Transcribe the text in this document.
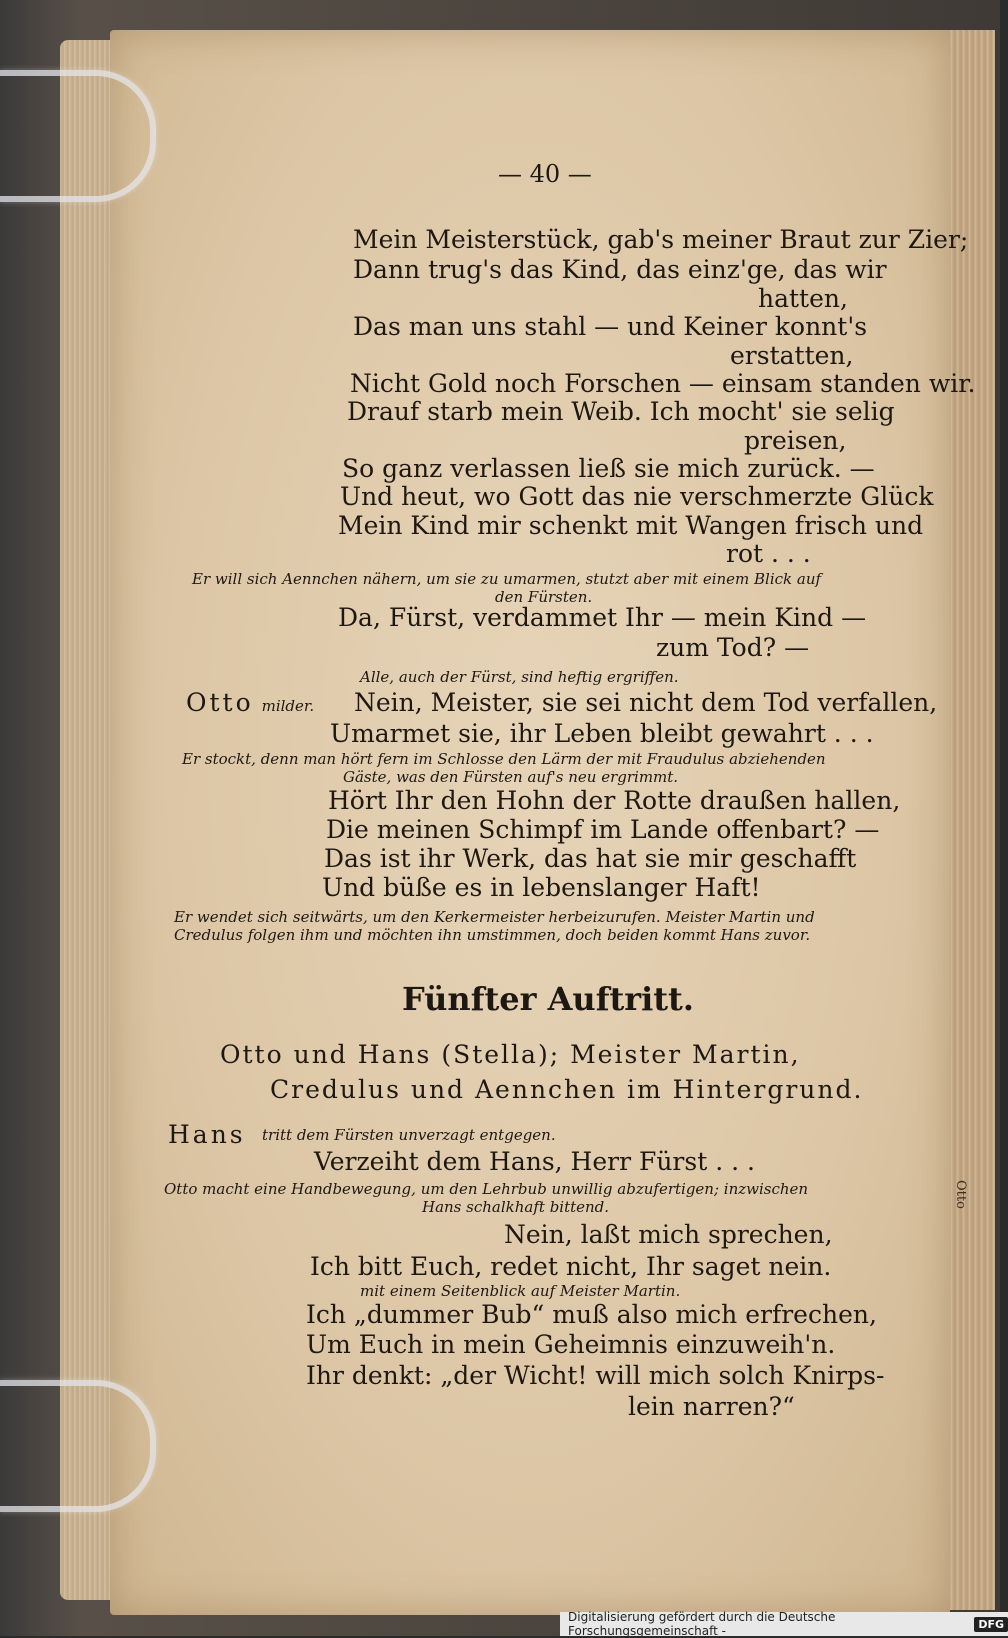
Otto
— 40 —
Mein Meisterstück, gab's meiner Braut zur Zier;
Dann trug's das Kind, das einz'ge, das wir
hatten,
Das man uns stahl — und Keiner konnt's
erstatten,
Nicht Gold noch Forschen — einsam standen wir.
Drauf starb mein Weib. Ich mocht' sie selig
preisen,
So ganz verlassen ließ sie mich zurück. —
Und heut, wo Gott das nie verschmerzte Glück
Mein Kind mir schenkt mit Wangen frisch und
rot . . .
Er will sich Aennchen nähern, um sie zu umarmen, stutzt aber mit einem Blick auf
den Fürsten.
Da, Fürst, verdammet Ihr — mein Kind —
zum Tod? —
Alle, auch der Fürst, sind heftig ergriffen.
Otto milder. Nein, Meister, sie sei nicht dem Tod verfallen,
Umarmet sie, ihr Leben bleibt gewahrt . . .
Er stockt, denn man hört fern im Schlosse den Lärm der mit Fraudulus abziehenden
Gäste, was den Fürsten auf's neu ergrimmt.
Hört Ihr den Hohn der Rotte draußen hallen,
Die meinen Schimpf im Lande offenbart? —
Das ist ihr Werk, das hat sie mir geschafft
Und büße es in lebenslanger Haft!
Er wendet sich seitwärts, um den Kerkermeister herbeizurufen. Meister Martin und
Credulus folgen ihm und möchten ihn umstimmen, doch beiden kommt Hans zuvor.
Fünfter Auftritt.
Otto und Hans (Stella); Meister Martin,
Credulus und Aennchen im Hintergrund.
Hans tritt dem Fürsten unverzagt entgegen.
Verzeiht dem Hans, Herr Fürst . . .
Otto macht eine Handbewegung, um den Lehrbub unwillig abzufertigen; inzwischen
Hans schalkhaft bittend.
Nein, laßt mich sprechen,
Ich bitt Euch, redet nicht, Ihr saget nein.
mit einem Seitenblick auf Meister Martin.
Ich „dummer Bub“ muß also mich erfrechen,
Um Euch in mein Geheimnis einzuweih'n.
Ihr denkt: „der Wicht! will mich solch Knirps-
lein narren?“
Digitalisierung gefördert durch die Deutsche Forschungsgemeinschaft -	DFG
